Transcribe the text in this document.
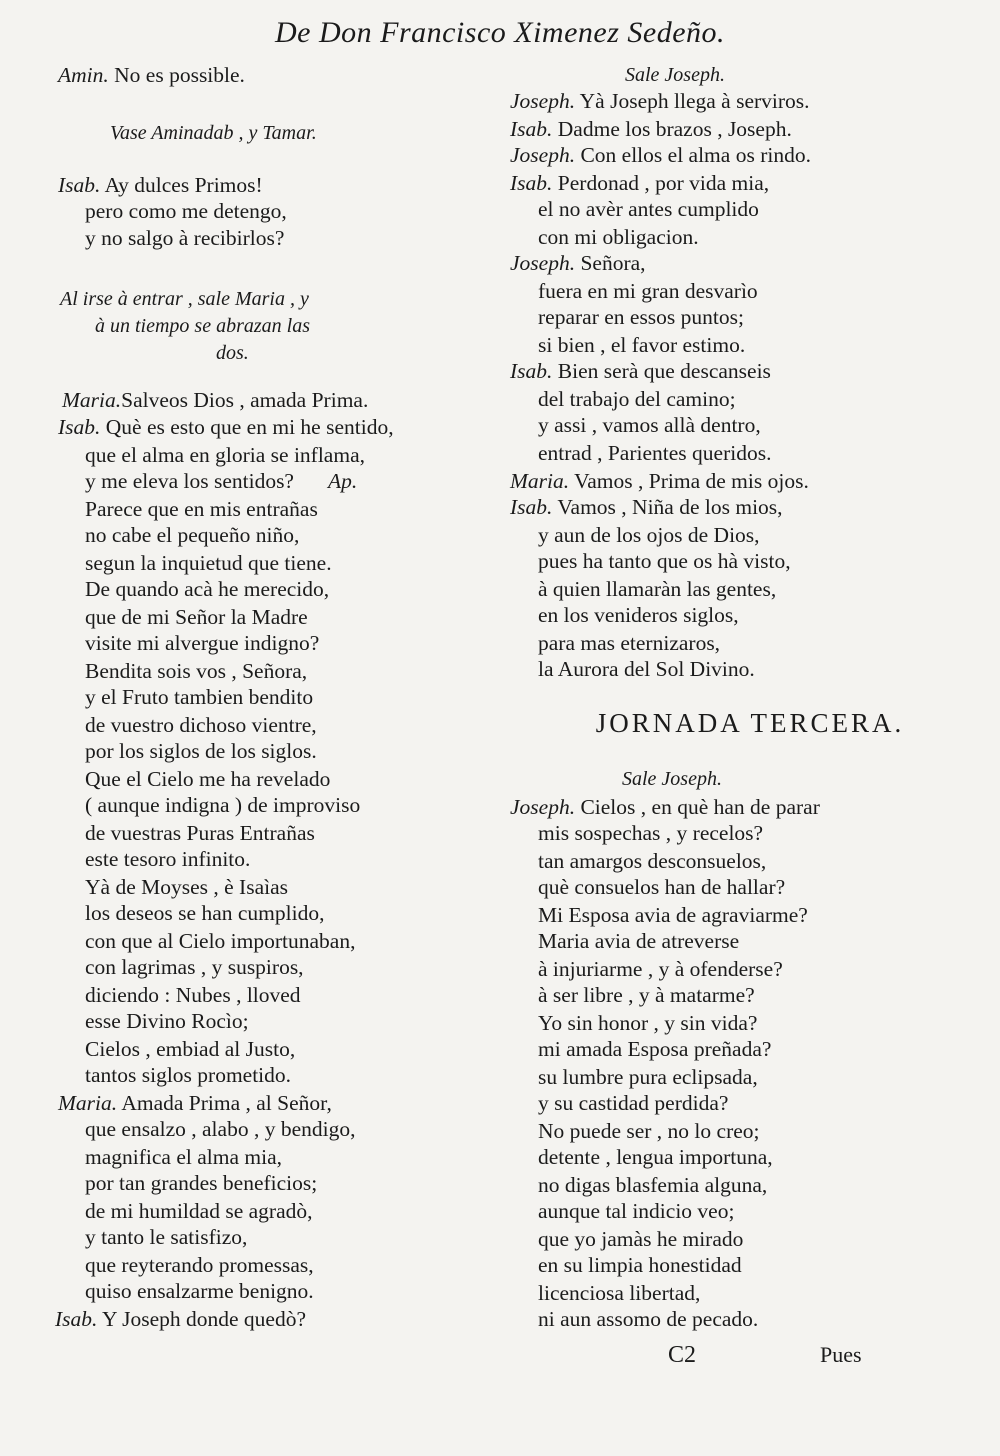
De Don Francisco Ximenez Sedeño.
Amin. No es possible.
Vase Aminadab , y Tamar.
Isab. Ay dulces Primos!
pero como me detengo,
y no salgo à recibirlos?
Al irse à entrar , sale Maria , y
à un tiempo se abrazan las
dos.
Maria.Salveos Dios , amada Prima.
Isab. Què es esto que en mi he sentido,
que el alma en gloria se inflama,
y me eleva los sentidos? Ap.
Parece que en mis entrañas
no cabe el pequeño niño,
segun la inquietud que tiene.
De quando acà he merecido,
que de mi Señor la Madre
visite mi alvergue indigno?
Bendita sois vos , Señora,
y el Fruto tambien bendito
de vuestro dichoso vientre,
por los siglos de los siglos.
Que el Cielo me ha revelado
( aunque indigna ) de improviso
de vuestras Puras Entrañas
este tesoro infinito.
Yà de Moyses , è Isaìas
los deseos se han cumplido,
con que al Cielo importunaban,
con lagrimas , y suspiros,
diciendo : Nubes , lloved
esse Divino Rocìo;
Cielos , embiad al Justo,
tantos siglos prometido.
Maria. Amada Prima , al Señor,
que ensalzo , alabo , y bendigo,
magnifica el alma mia,
por tan grandes beneficios;
de mi humildad se agradò,
y tanto le satisfizo,
que reyterando promessas,
quiso ensalzarme benigno.
Isab. Y Joseph donde quedò?
Sale Joseph.
Joseph. Yà Joseph llega à serviros.
Isab. Dadme los brazos , Joseph.
Joseph. Con ellos el alma os rindo.
Isab. Perdonad , por vida mia,
el no avèr antes cumplido
con mi obligacion.
Joseph. Señora,
fuera en mi gran desvarìo
reparar en essos puntos;
si bien , el favor estimo.
Isab. Bien serà que descanseis
del trabajo del camino;
y assi , vamos allà dentro,
entrad , Parientes queridos.
Maria. Vamos , Prima de mis ojos.
Isab. Vamos , Niña de los mios,
y aun de los ojos de Dios,
pues ha tanto que os hà visto,
à quien llamaràn las gentes,
en los venideros siglos,
para mas eternizaros,
la Aurora del Sol Divino.
JORNADA TERCERA.
Sale Joseph.
Joseph. Cielos , en què han de parar
mis sospechas , y recelos?
tan amargos desconsuelos,
què consuelos han de hallar?
Mi Esposa avia de agraviarme?
Maria avia de atreverse
à injuriarme , y à ofenderse?
à ser libre , y à matarme?
Yo sin honor , y sin vida?
mi amada Esposa preñada?
su lumbre pura eclipsada,
y su castidad perdida?
No puede ser , no lo creo;
detente , lengua importuna,
no digas blasfemia alguna,
aunque tal indicio veo;
que yo jamàs he mirado
en su limpia honestidad
licenciosa libertad,
ni aun assomo de pecado.
C2	Pues
